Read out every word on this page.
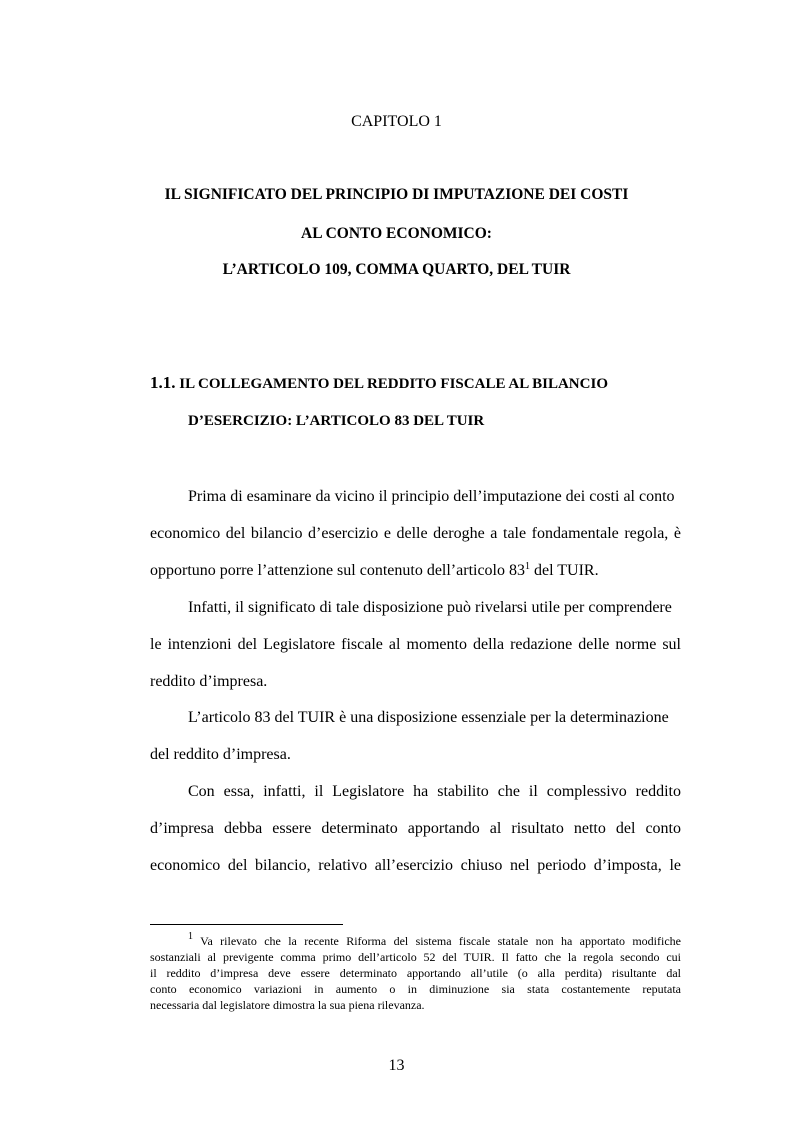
CAPITOLO 1
IL SIGNIFICATO DEL PRINCIPIO DI IMPUTAZIONE DEI COSTI
AL CONTO ECONOMICO:
L’ARTICOLO 109, COMMA QUARTO, DEL TUIR
1.1. IL COLLEGAMENTO DEL REDDITO FISCALE AL BILANCIO
D’ESERCIZIO: L’ARTICOLO 83 DEL TUIR
Prima di esaminare da vicino il principio dell’imputazione dei costi al conto
economico del bilancio d’esercizio e delle deroghe a tale fondamentale regola, è
opportuno porre l’attenzione sul contenuto dell’articolo $83^1$ del TUIR.
Infatti, il significato di tale disposizione può rivelarsi utile per comprendere
le intenzioni del Legislatore fiscale al momento della redazione delle norme sul
reddito d’impresa.
L’articolo 83 del TUIR è una disposizione essenziale per la determinazione
del reddito d’impresa.
Con essa, infatti, il Legislatore ha stabilito che il complessivo reddito
d’impresa debba essere determinato apportando al risultato netto del conto
economico del bilancio, relativo all’esercizio chiuso nel periodo d’imposta, le
$^1$ Va rilevato che la recente Riforma del sistema fiscale statale non ha apportato modifiche
sostanziali al previgente comma primo dell’articolo 52 del TUIR. Il fatto che la regola secondo cui
il reddito d’impresa deve essere determinato apportando all’utile (o alla perdita) risultante dal
conto economico variazioni in aumento o in diminuzione sia stata costantemente reputata
necessaria dal legislatore dimostra la sua piena rilevanza.
13
